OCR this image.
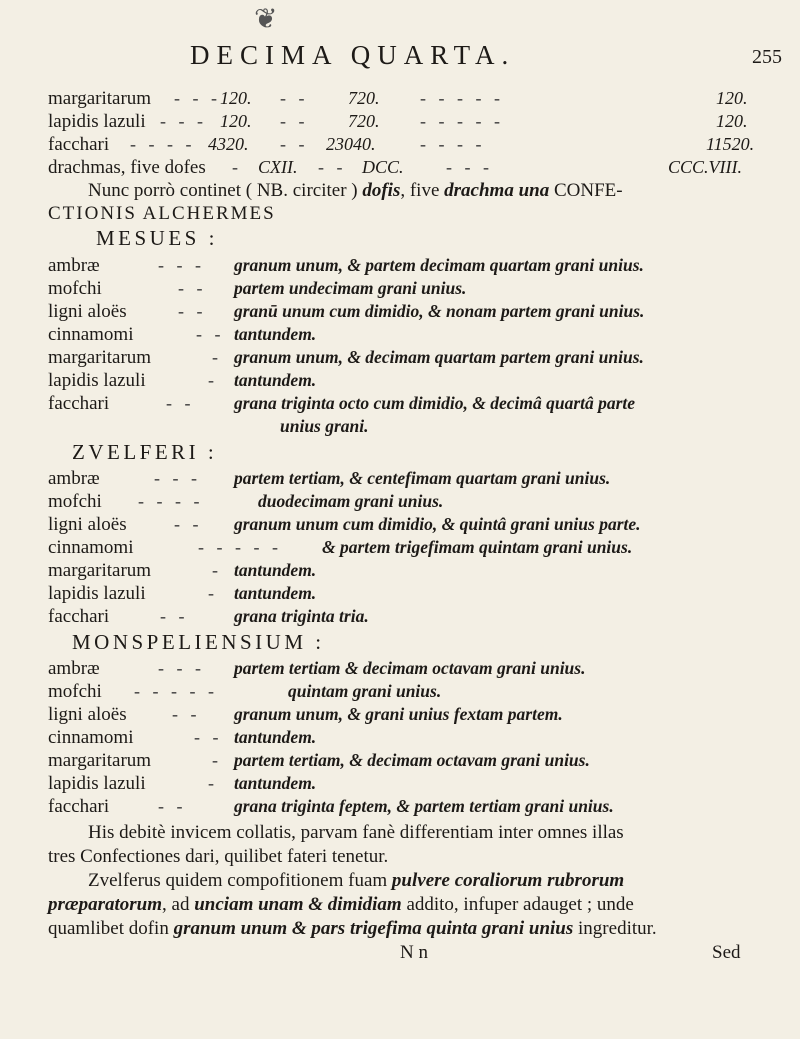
❦
DECIMA QUARTA.	255
margaritarum - - - 120. - - 720. - - - - -	120.
lapidis lazuli - - - 120. - - 720. - - - - -	120.
facchari - - - - 4320. - - 23040. - - - -	11520.
drachmas, five dofes - CXII. - - DCC. - - -	CCC.VIII.
Nunc porrò continet ( NB. circiter ) dofis, five drachma una CONFE-
CTIONIS ALCHERMES
MESUES :
ambræ	- - - granum unum, & partem decimam quartam grani unius.
mofchi	- - partem undecimam grani unius.
ligni aloës	- - granū unum cum dimidio, & nonam partem grani unius.
cinnamomi	- - tantundem.
margaritarum	- granum unum, & decimam quartam partem grani unius.
lapidis lazuli	- tantundem.
facchari	- - grana triginta octo cum dimidio, & decimâ quartâ parte
unius grani.
ZVELFERI :
ambræ	- - - partem tertiam, & centefimam quartam grani unius.
mofchi - - - -	duodecimam grani unius.
ligni aloës	- - granum unum cum dimidio, & quintâ grani unius parte.
cinnamomi	- - - - - & partem trigefimam quintam grani unius.
margaritarum	- tantundem.
lapidis lazuli	- tantundem.
facchari	- -	grana triginta tria.
MONSPELIENSIUM :
ambræ	- - - partem tertiam & decimam octavam grani unius.
mofchi - - - - -	quintam grani unius.
ligni aloës	- - granum unum, & grani unius fextam partem.
cinnamomi	- - tantundem.
margaritarum	- partem tertiam, & decimam octavam grani unius.
lapidis lazuli	- tantundem.
facchari	- -	grana triginta feptem, & partem tertiam grani unius.
His debitè invicem collatis, parvam fanè differentiam inter omnes illas
tres Confectiones dari, quilibet fateri tenetur.
Zvelferus quidem compofitionem fuam pulvere coraliorum rubrorum
præparatorum, ad unciam unam & dimidiam addito, infuper adauget ; unde
quamlibet dofin granum unum & pars trigefima quinta grani unius ingreditur.
N n	Sed
